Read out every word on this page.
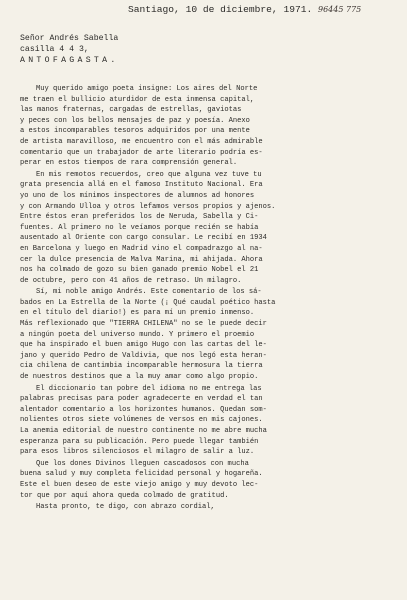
Santiago, 10 de diciembre, 1971. 96445 775
Señor Andrés Sabella
casilla 4 4 3,
ANTOFAGASTA.
Muy querido amigo poeta insigne: Los aires del Norte
me traen el bullicio aturdidor de esta inmensa capital,
las manos fraternas, cargadas de estrellas, gaviotas
y peces con los bellos mensajes de paz y poesía. Anexo
a estos incomparables tesoros adquiridos por una mente
de artista maravilloso, me encuentro con el más admirable
comentario que un trabajador de arte literario podría es-
perar en estos tiempos de rara comprensión general.
En mis remotos recuerdos, creo que alguna vez tuve tu
grata presencia allá en el famoso Instituto Nacional. Era
yo uno de los mínimos inspectores de alumnos ad honores
y con Armando Ulloa y otros lefamos versos propios y ajenos.
Entre éstos eran preferidos los de Neruda, Sabella y Ci-
fuentes. Al primero no le veíamos porque recién se había
ausentado al Oriente con cargo consular. Le recibí en 1934
en Barcelona y luego en Madrid vino el compadrazgo al na-
cer la dulce presencia de Malva Marina, mi ahijada. Ahora
nos ha colmado de gozo su bien ganado premio Nobel el 21
de octubre, pero con 41 años de retraso. Un milagro.
Sí, mi noble amigo Andrés. Este comentario de los sá-
bados en La Estrella de la Norte (¡ Qué caudal poético hasta
en el título del diario!) es para mí un premio inmenso.
Más reflexionado que "TIERRA CHILENA" no se le puede decir
a ningún poeta del universo mundo. Y primero el proemio
que ha inspirado el buen amigo Hugo con las cartas del le-
jano y querido Pedro de Valdivia, que nos legó esta heran-
cia chilena de cantimbia incomparable hermosura la tierra
de nuestros destinos que a la muy amar como algo propio.
El diccionario tan pobre del idioma no me entrega las
palabras precisas para poder agradecerte en verdad el tan
alentador comentario a los horizontes humanos. Quedan som-
nolientes otros siete volúmenes de versos en mis cajones.
La anemia editorial de nuestro continente no me abre mucha
esperanza para su publicación. Pero puede llegar también
para esos libros silenciosos el milagro de salir a luz.
Que los dones Divinos lleguen cascadosos con mucha
buena salud y muy completa felicidad personal y hogareña.
Este el buen deseo de este viejo amigo y muy devoto lec-
tor que por aquí ahora queda colmado de gratitud.
Hasta pronto, te digo, con abrazo cordial,
